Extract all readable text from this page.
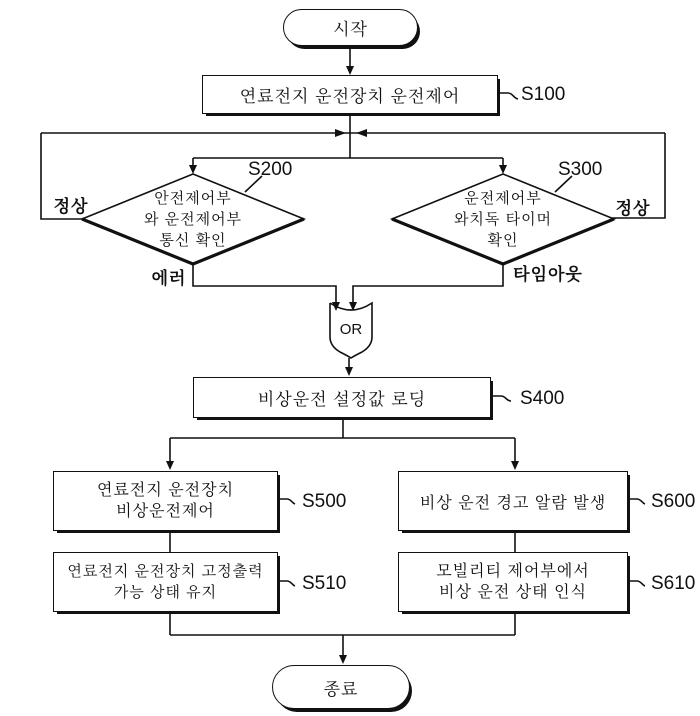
시작
종료
연료전지 운전장치 운전제어
비상운전 설정값 로딩
연료전지 운전장치
비상운전제어	비상 운전 경고 알람 발생
연료전지 운전장치 고정출력
가능 상태 유지
모빌리티 제어부에서
비상 운전 상태 인식
안전제어부
와 운전제어부
통신 확인
운전제어부
와치독 타이머
확인
OR
정상	정상
에러	타임아웃
S100
S200	S300
S400
S500	S600
S510	S610
